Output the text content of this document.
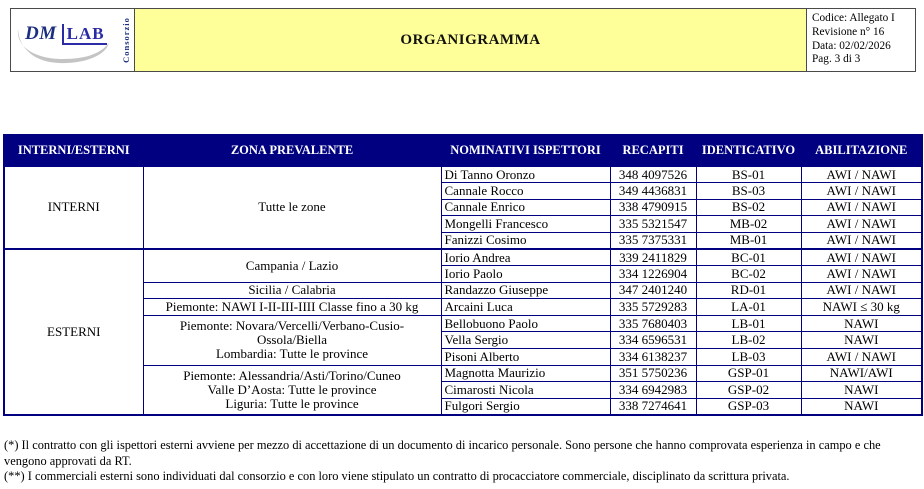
DM LAB Consorzio	ORGANIGRAMMA
Codice: Allegato I
Revisione n° 16
Data: 02/02/2026
Pag. 3 di 3
INTERNI/ESTERNI	ZONA PREVALENTE	NOMINATIVI ISPETTORI	RECAPITI	IDENTICATIVO	ABILITAZIONE
INTERNI	Tutte le zone	Di Tanno Oronzo	348 4097526	BS-01	AWI / NAWI
		Cannale Rocco	349 4436831	BS-03	AWI / NAWI
		Cannale Enrico	338 4790915	BS-02	AWI / NAWI
		Mongelli Francesco	335 5321547	MB-02	AWI / NAWI
		Fanizzi Cosimo	335 7375331	MB-01	AWI / NAWI
ESTERNI	Campania / Lazio	Iorio Andrea	339 2411829	BC-01	AWI / NAWI
		Iorio Paolo	334 1226904	BC-02	AWI / NAWI
	Sicilia / Calabria	Randazzo Giuseppe	347 2401240	RD-01	AWI / NAWI
	Piemonte: NAWI I-II-III-IIII Classe fino a 30 kg	Arcaini Luca	335 5729283	LA-01	NAWI ≤ 30 kg
	Piemonte: Novara/Vercelli/Verbano-Cusio-
Ossola/Biella
Lombardia: Tutte le province	Bellobuono Paolo	335 7680403	LB-01	NAWI
		Vella Sergio	334 6596531	LB-02	NAWI
		Pisoni Alberto	334 6138237	LB-03	AWI / NAWI
	Piemonte: Alessandria/Asti/Torino/Cuneo
Valle D’Aosta: Tutte le province
Liguria: Tutte le province	Magnotta Maurizio	351 5750236	GSP-01	NAWI/AWI
		Cimarosti Nicola	334 6942983	GSP-02	NAWI
		Fulgori Sergio	338 7274641	GSP-03	NAWI

(*) Il contratto con gli ispettori esterni avviene per mezzo di accettazione di un documento di incarico personale. Sono persone che hanno comprovata esperienza in campo e che vengono approvati da RT.

(**) I commerciali esterni sono individuati dal consorzio e con loro viene stipulato un contratto di procacciatore commerciale, disciplinato da scrittura privata.
